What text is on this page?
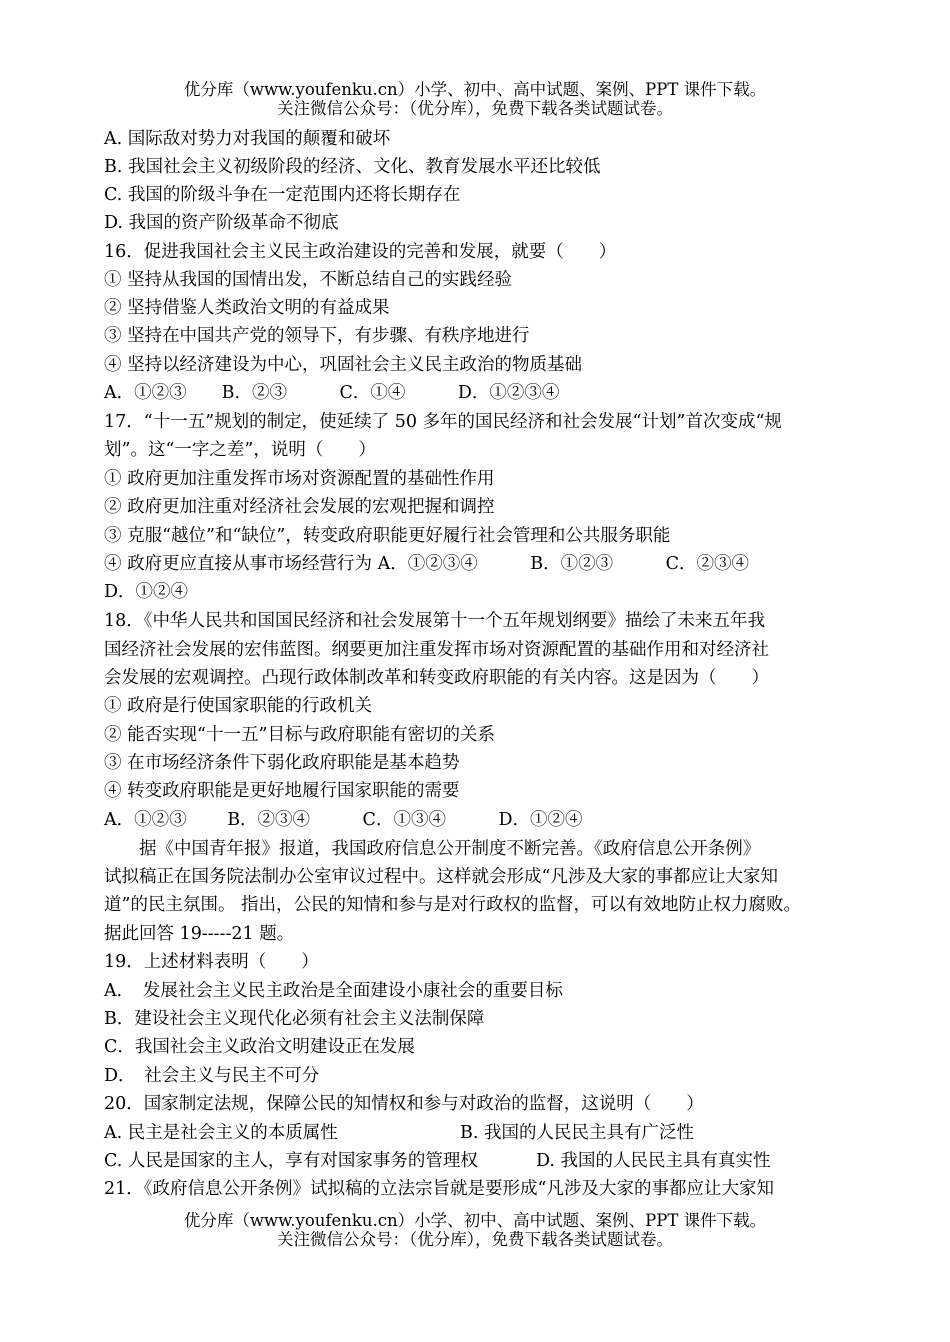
优分库（www.youfenku.cn）小学、初中、高中试题、案例、PPT 课件下载。
关注微信公众号：（优分库），免费下载各类试题试卷。
A. 国际敌对势力对我国的颠覆和破坏
B. 我国社会主义初级阶段的经济、文化、教育发展水平还比较低
C. 我国的阶级斗争在一定范围内还将长期存在
D. 我国的资产阶级革命不彻底
16．促进我国社会主义民主政治建设的完善和发展，就要（　　）
① 坚持从我国的国情出发，不断总结自己的实践经验
② 坚持借鉴人类政治文明的有益成果
③ 坚持在中国共产党的领导下，有步骤、有秩序地进行
④ 坚持以经济建设为中心，巩固社会主义民主政治的物质基础
A．①②③　　B．②③　　　C．①④　　　D．①②③④
17．“十一五”规划的制定，使延续了 50 多年的国民经济和社会发展“计划”首次变成“规
划”。这“一字之差”，说明（　　）
① 政府更加注重发挥市场对资源配置的基础性作用
② 政府更加注重对经济社会发展的宏观把握和调控
③ 克服“越位”和“缺位”，转变政府职能更好履行社会管理和公共服务职能
④ 政府更应直接从事市场经营行为 A．①②③④　　　B．①②③　　　C．②③④
D．①②④
18．《中华人民共和国国民经济和社会发展第十一个五年规划纲要》描绘了未来五年我
国经济社会发展的宏伟蓝图。纲要更加注重发挥市场对资源配置的基础作用和对经济社
会发展的宏观调控。凸现行政体制改革和转变政府职能的有关内容。这是因为（　　）
① 政府是行使国家职能的行政机关
② 能否实现“十一五”目标与政府职能有密切的关系
③ 在市场经济条件下弱化政府职能是基本趋势
④ 转变政府职能是更好地履行国家职能的需要
A．①②③　　 B．②③④　　　C．①③④　　　D．①②④
　　据《中国青年报》报道，我国政府信息公开制度不断完善。《政府信息公开条例》
试拟稿正在国务院法制办公室审议过程中。这样就会形成“凡涉及大家的事都应让大家知
道”的民主氛围。 指出，公民的知情和参与是对行政权的监督，可以有效地防止权力腐败。
据此回答 19-----21 题。
19．上述材料表明（　　）
A．　发展社会主义民主政治是全面建设小康社会的重要目标
B．建设社会主义现代化必须有社会主义法制保障
C．我国社会主义政治文明建设正在发展
D．　社会主义与民主不可分
20．国家制定法规，保障公民的知情权和参与对政治的监督，这说明（　　）
A. 民主是社会主义的本质属性	B. 我国的人民民主具有广泛性
C. 人民是国家的主人，享有对国家事务的管理权	D. 我国的人民民主具有真实性
21．《政府信息公开条例》试拟稿的立法宗旨就是要形成“凡涉及大家的事都应让大家知
优分库（www.youfenku.cn）小学、初中、高中试题、案例、PPT 课件下载。
关注微信公众号：（优分库），免费下载各类试题试卷。
